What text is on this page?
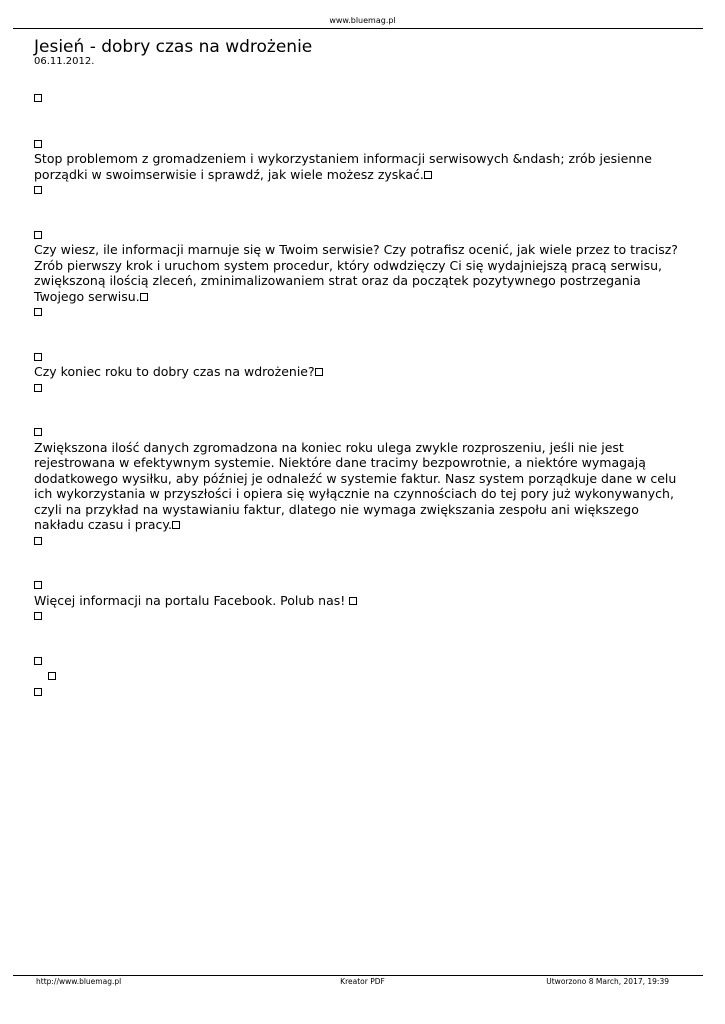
www.bluemag.pl
Jesień - dobry czas na wdrożenie
06.11.2012.

Stop problemom z gromadzeniem i wykorzystaniem informacji serwisowych &ndash; zrób jesienne porządki w swoimserwisie i sprawdź, jak wiele możesz zyskać.

Czy wiesz, ile informacji marnuje się w Twoim serwisie? Czy potrafisz ocenić, jak wiele przez to tracisz? Zrób pierwszy krok i uruchom system procedur, który odwdzięczy Ci się wydajniejszą pracą serwisu, zwiększoną ilością zleceń, zminimalizowaniem strat oraz da początek pozytywnego postrzegania Twojego serwisu.

Czy koniec roku to dobry czas na wdrożenie?

Zwiększona ilość danych zgromadzona na koniec roku ulega zwykle rozproszeniu, jeśli nie jest rejestrowana w efektywnym systemie. Niektóre dane tracimy bezpowrotnie, a niektóre wymagają dodatkowego wysiłku, aby później je odnaleźć w systemie faktur. Nasz system porządkuje dane w celu ich wykorzystania w przyszłości i opiera się wyłącznie na czynnościach do tej pory już wykonywanych, czyli na przykład na wystawianiu faktur, dlatego nie wymaga zwiększania zespołu ani większego nakładu czasu i pracy.

Więcej informacji na portalu Facebook. Polub nas!

http://www.bluemag.pl	Kreator PDF	Utworzono 8 March, 2017, 19:39
